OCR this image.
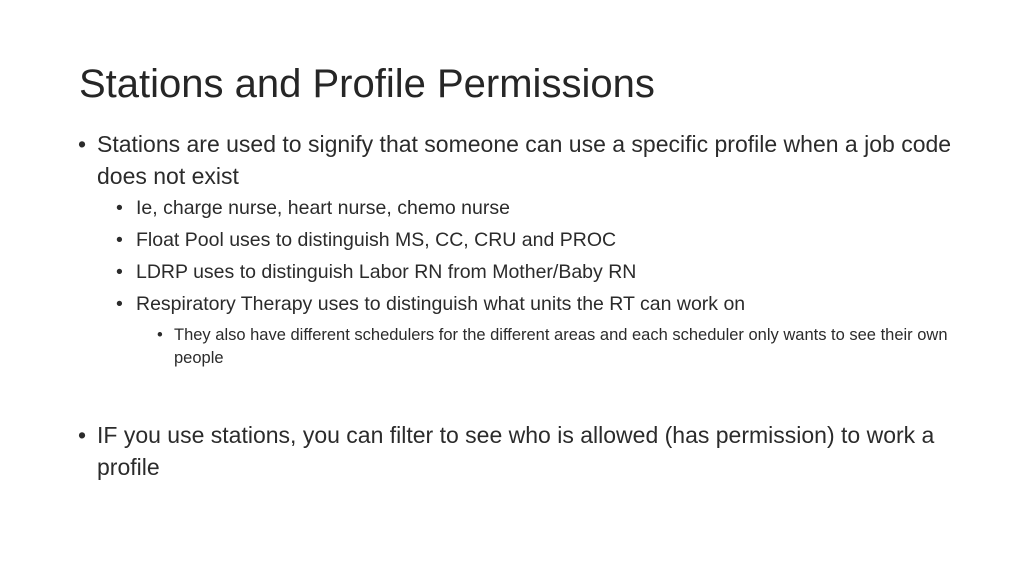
Stations and Profile Permissions
• Stations are used to signify that someone can use a specific profile when a job code does not exist
• Ie, charge nurse, heart nurse, chemo nurse
• Float Pool uses to distinguish MS, CC, CRU and PROC
• LDRP uses to distinguish Labor RN from Mother/Baby RN
• Respiratory Therapy uses to distinguish what units the RT can work on
• They also have different schedulers for the different areas and each scheduler only wants to see their own people
• IF you use stations, you can filter to see who is allowed (has permission) to work a profile
